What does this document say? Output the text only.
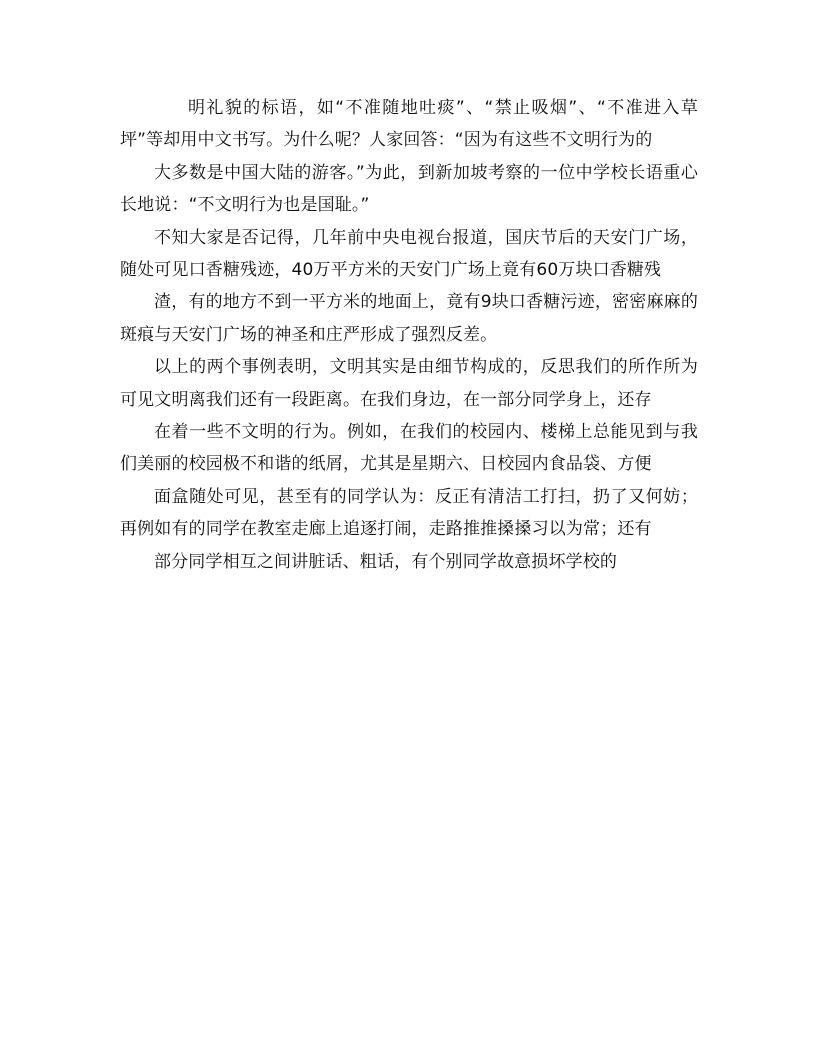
明礼貌的标语，如“不准随地吐痰”、“禁止吸烟”、“不准进入草坪”等却用中文书写。为什么呢？人家回答：“因为有这些不文明行为的

大多数是中国大陆的游客。”为此，到新加坡考察的一位中学校长语重心长地说：“不文明行为也是国耻。”

不知大家是否记得，几年前中央电视台报道，国庆节后的天安门广场，随处可见口香糖残迹，40万平方米的天安门广场上竟有60万块口香糖残

渣，有的地方不到一平方米的地面上，竟有9块口香糖污迹，密密麻麻的斑痕与天安门广场的神圣和庄严形成了强烈反差。

以上的两个事例表明，文明其实是由细节构成的，反思我们的所作所为可见文明离我们还有一段距离。在我们身边，在一部分同学身上，还存

在着一些不文明的行为。例如，在我们的校园内、楼梯上总能见到与我们美丽的校园极不和谐的纸屑，尤其是星期六、日校园内食品袋、方便

面盒随处可见，甚至有的同学认为：反正有清洁工打扫，扔了又何妨；再例如有的同学在教室走廊上追逐打闹，走路推推搡搡习以为常；还有

部分同学相互之间讲脏话、粗话，有个别同学故意损坏学校的
